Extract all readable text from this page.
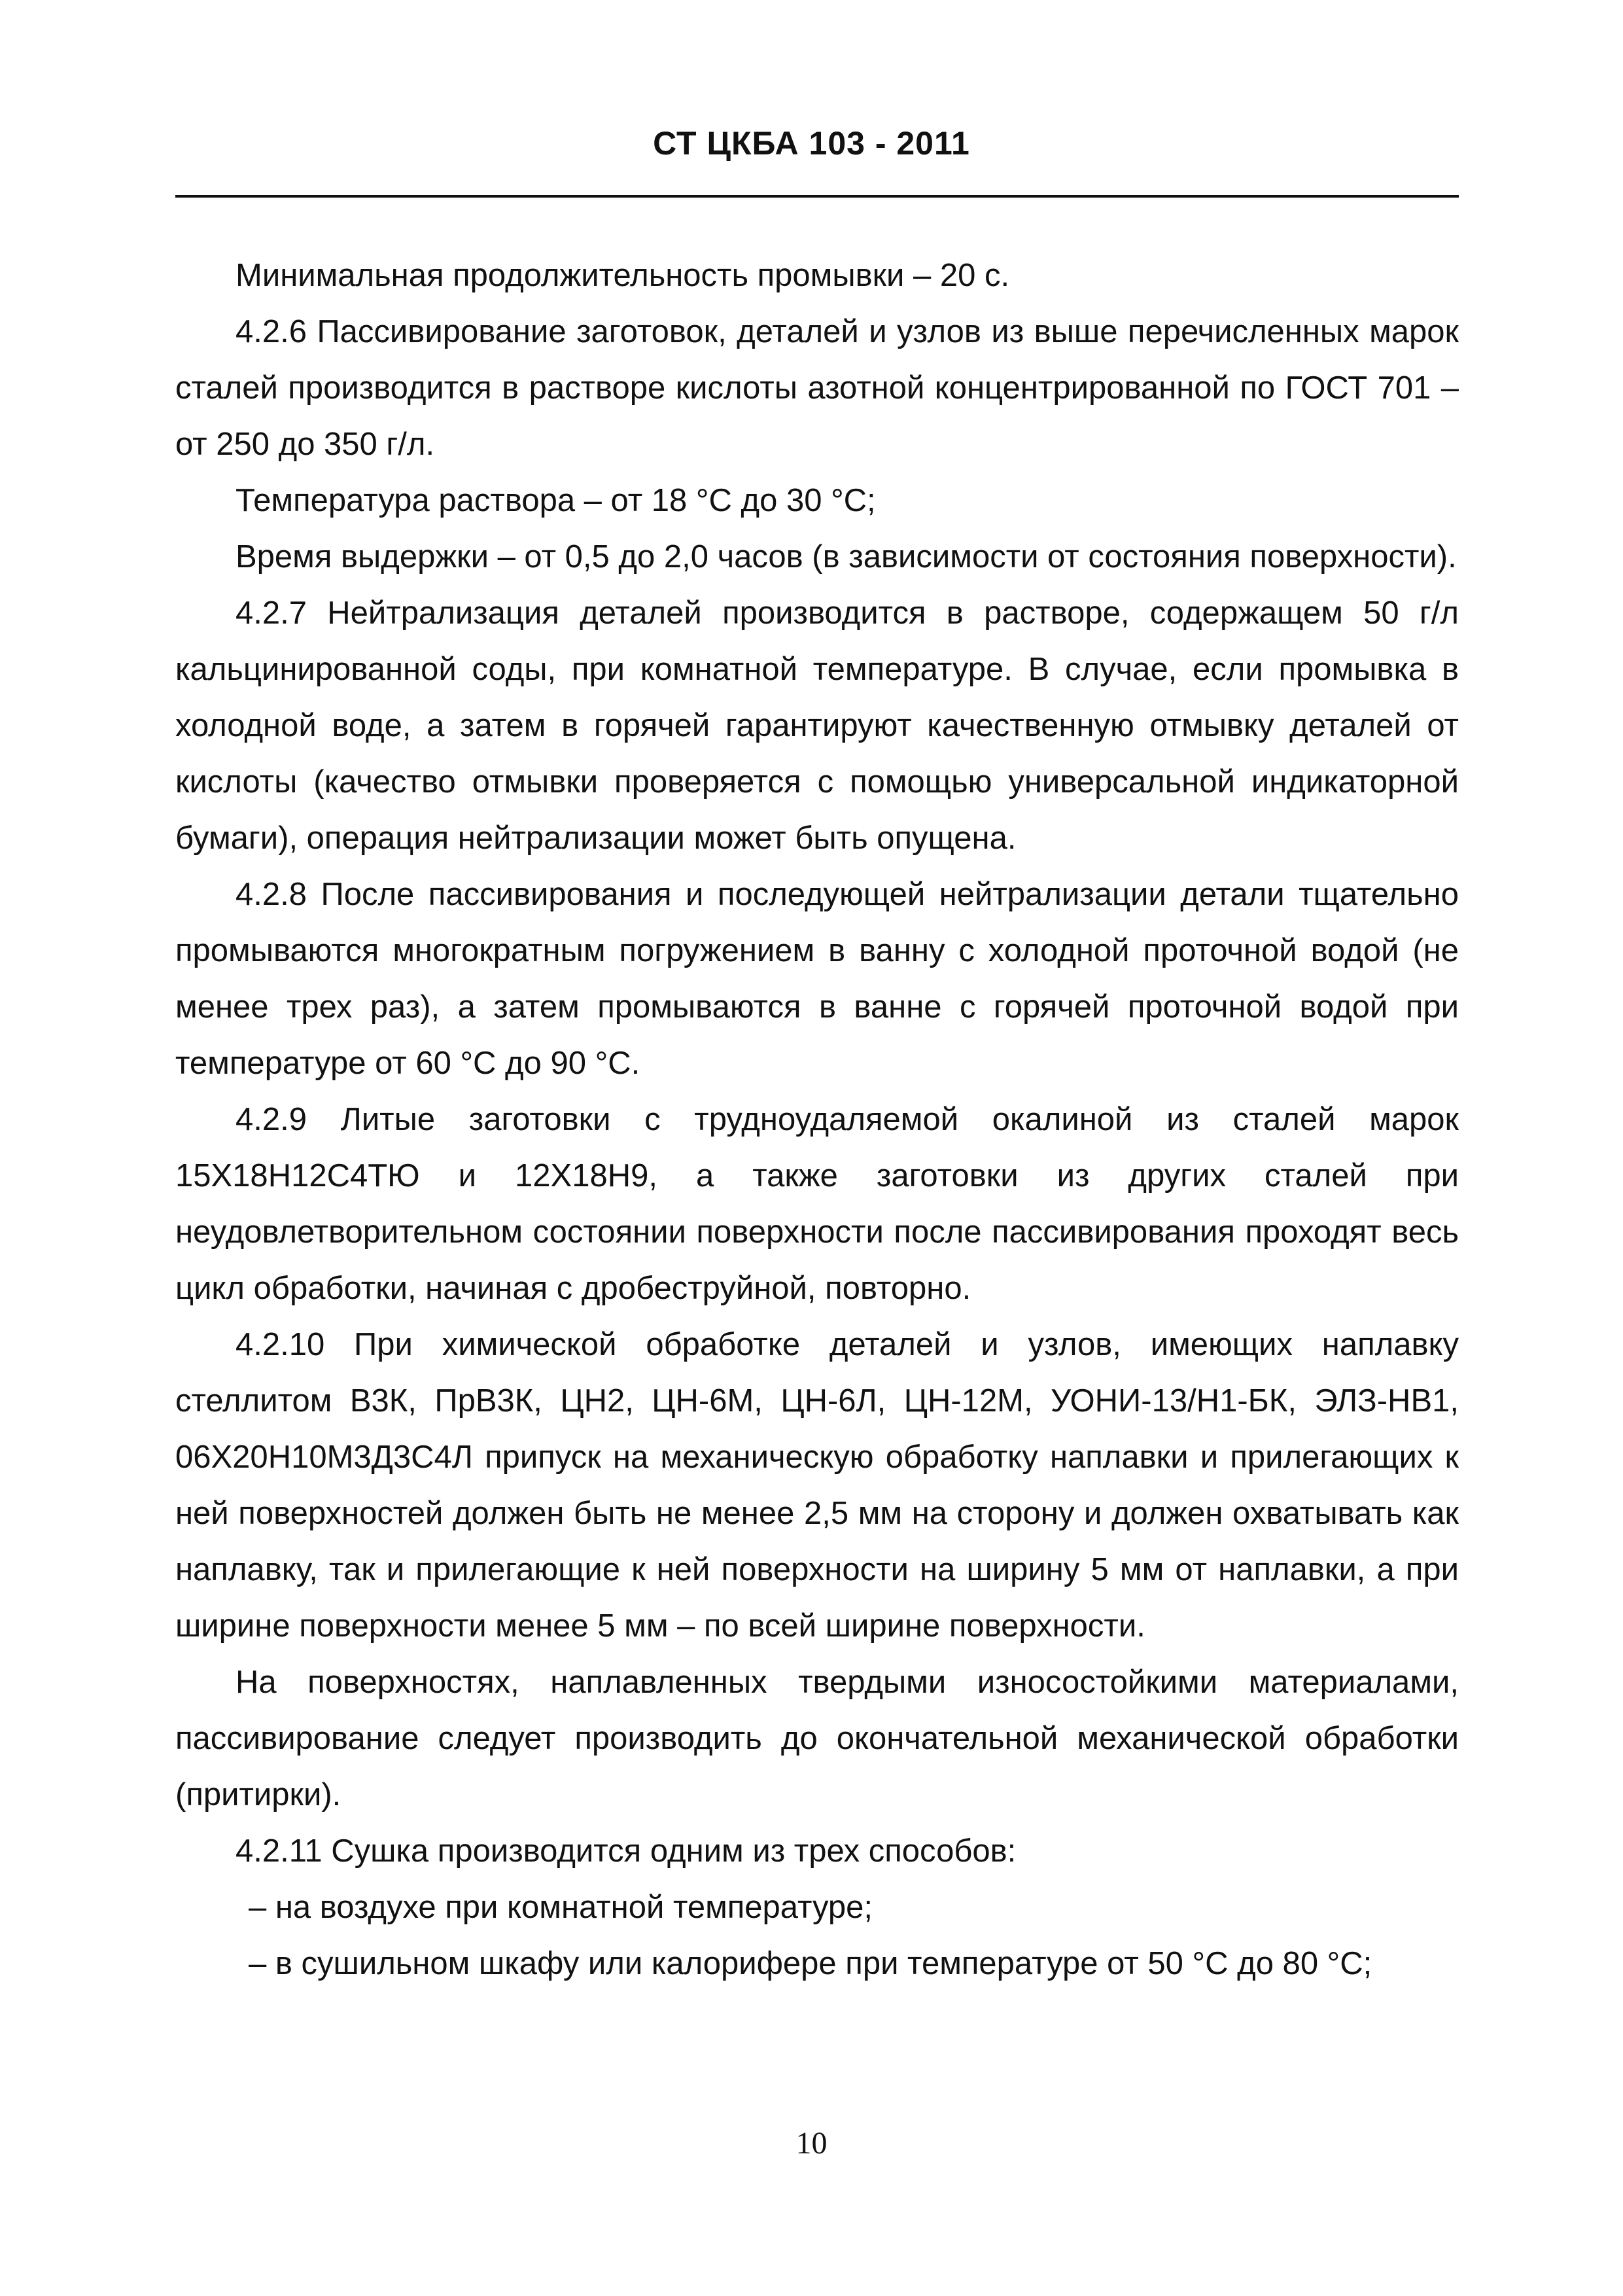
СТ ЦКБА 103 - 2011

Минимальная продолжительность промывки – 20 с.

4.2.6 Пассивирование заготовок, деталей и узлов из выше перечисленных марок сталей производится в растворе кислоты азотной концентрированной по ГОСТ 701 – от 250 до 350 г/л.

Температура раствора – от 18 °С до 30 °С;

Время выдержки – от 0,5 до 2,0 часов (в зависимости от состояния поверхности).

4.2.7 Нейтрализация деталей производится в растворе, содержащем 50 г/л кальцинированной соды, при комнатной температуре. В случае, если промывка в холодной воде, а затем в горячей гарантируют качественную отмывку деталей от кислоты (качество отмывки проверяется с помощью универсальной индикаторной бумаги), операция нейтрализации может быть опущена.

4.2.8 После пассивирования и последующей нейтрализации детали тщательно промываются многократным погружением в ванну с холодной проточной водой (не менее трех раз), а затем промываются в ванне с горячей проточной водой при температуре от 60 °С до 90 °С.

4.2.9 Литые заготовки с трудноудаляемой окалиной из сталей марок 15Х18Н12С4ТЮ и 12Х18Н9, а также заготовки из других сталей при неудовлетворительном состоянии поверхности после пассивирования проходят весь цикл обработки, начиная с дробеструйной, повторно.

4.2.10 При химической обработке деталей и узлов, имеющих наплавку стеллитом В3К, ПрВ3К, ЦН2, ЦН-6М, ЦН-6Л, ЦН-12М, УОНИ-13/Н1-БК, ЭЛЗ-НВ1, 06Х20Н10М3Д3С4Л припуск на механическую обработку наплавки и прилегающих к ней поверхностей должен быть не менее 2,5 мм на сторону и должен охватывать как наплавку, так и прилегающие к ней поверхности на ширину 5 мм от наплавки, а при ширине поверхности менее 5 мм – по всей ширине поверхности.

На поверхностях, наплавленных твердыми износостойкими материалами, пассивирование следует производить до окончательной механической обработки (притирки).

4.2.11 Сушка производится одним из трех способов:

– на воздухе при комнатной температуре;

– в сушильном шкафу или калорифере при температуре от 50 °С до 80 °С;

10
